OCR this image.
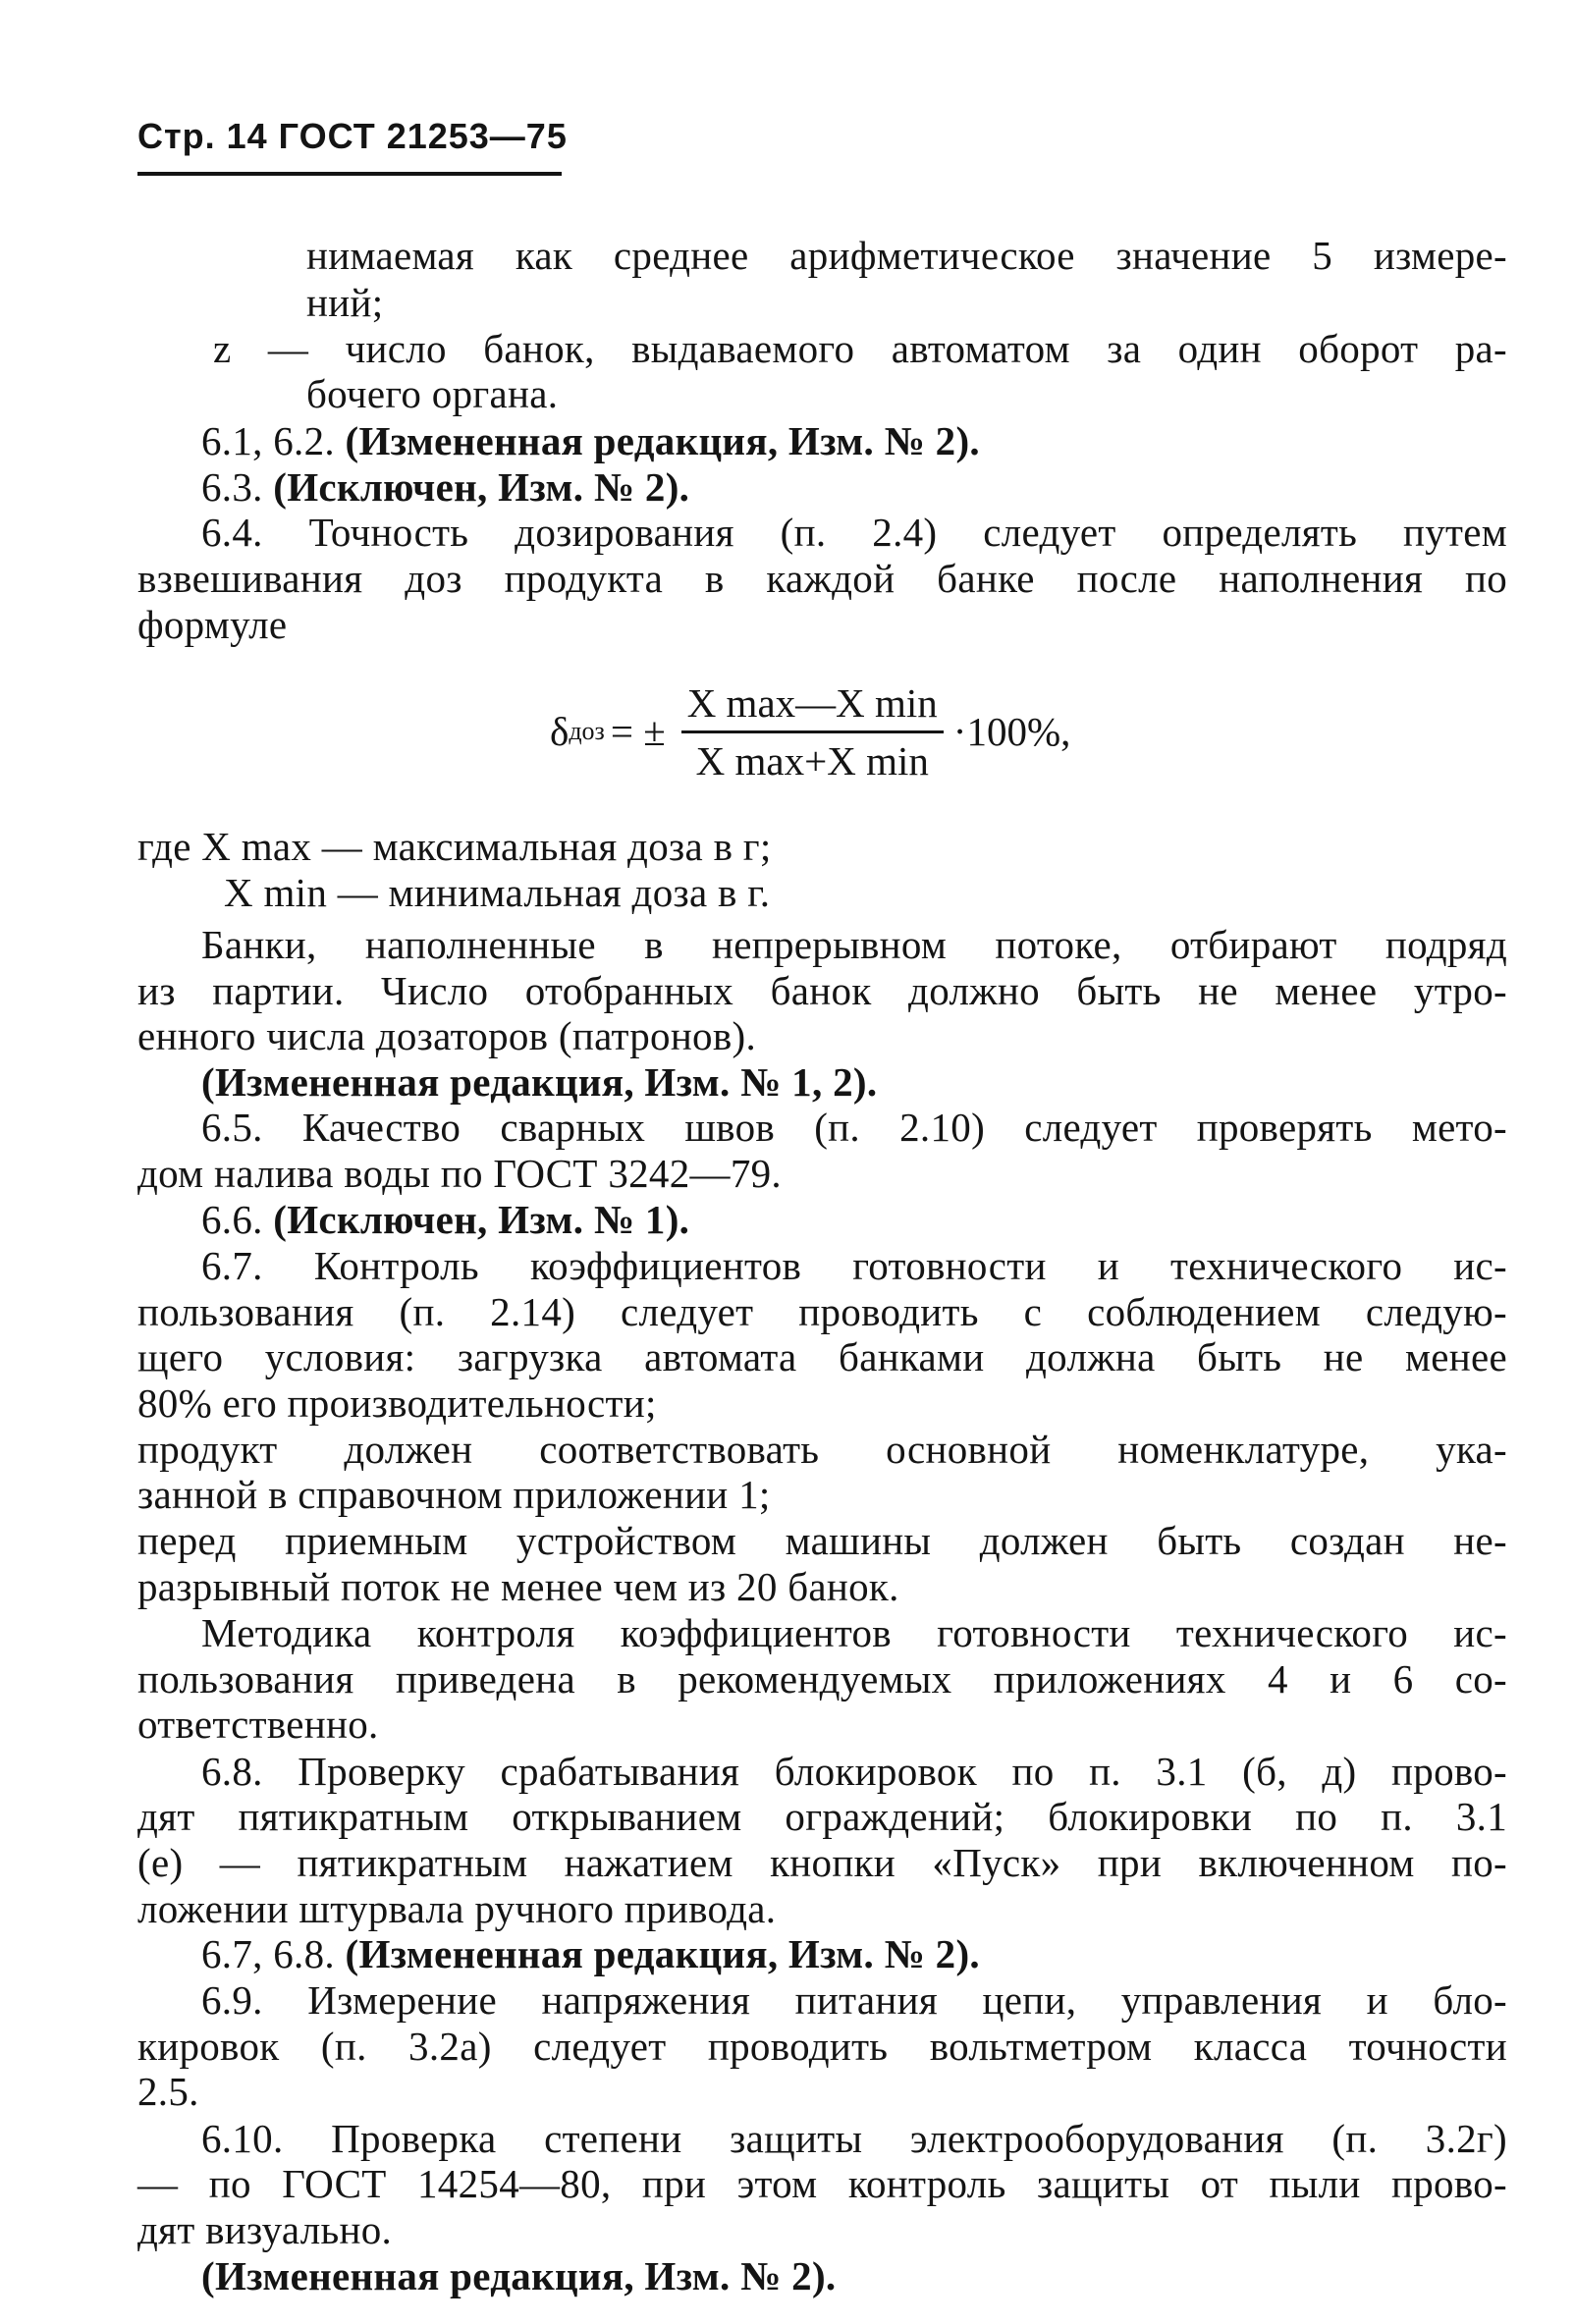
Стр. 14 ГОСТ 21253—75
нимаемая как среднее арифметическое значение 5 измере-
ний;
z — число банок, выдаваемого автоматом за один оборот ра-
бочего органа.
6.1, 6.2. (Измененная редакция, Изм. № 2).
6.3. (Исключен, Изм. № 2).
6.4. Точность дозирования (п. 2.4) следует определять путем
взвешивания доз продукта в каждой банке после наполнения по
формуле
δ доз = ± $\frac{\text{X max—X min}}{\text{X max+X min}} \cdot 100\%$,
где X max — максимальная доза в г;
X min — минимальная доза в г.
Банки, наполненные в непрерывном потоке, отбирают подряд
из партии. Число отобранных банок должно быть не менее утро-
енного числа дозаторов (патронов).
(Измененная редакция, Изм. № 1, 2).
6.5. Качество сварных швов (п. 2.10) следует проверять мето-
дом налива воды по ГОСТ 3242—79.
6.6. (Исключен, Изм. № 1).
6.7. Контроль коэффициентов готовности и технического ис-
пользования (п. 2.14) следует проводить с соблюдением следую-
щего условия: загрузка автомата банками должна быть не менее
80% его производительности;
продукт должен соответствовать основной номенклатуре, ука-
занной в справочном приложении 1;
перед приемным устройством машины должен быть создан не-
разрывный поток не менее чем из 20 банок.
Методика контроля коэффициентов готовности технического ис-
пользования приведена в рекомендуемых приложениях 4 и 6 со-
ответственно.
6.8. Проверку срабатывания блокировок по п. 3.1 (б, д) прово-
дят пятикратным открыванием ограждений; блокировки по п. 3.1
(е) — пятикратным нажатием кнопки «Пуск» при включенном по-
ложении штурвала ручного привода.
6.7, 6.8. (Измененная редакция, Изм. № 2).
6.9. Измерение напряжения питания цепи, управления и бло-
кировок (п. 3.2а) следует проводить вольтметром класса точности
2.5.
6.10. Проверка степени защиты электрооборудования (п. 3.2г)
— по ГОСТ 14254—80, при этом контроль защиты от пыли прово-
дят визуально.
(Измененная редакция, Изм. № 2).
